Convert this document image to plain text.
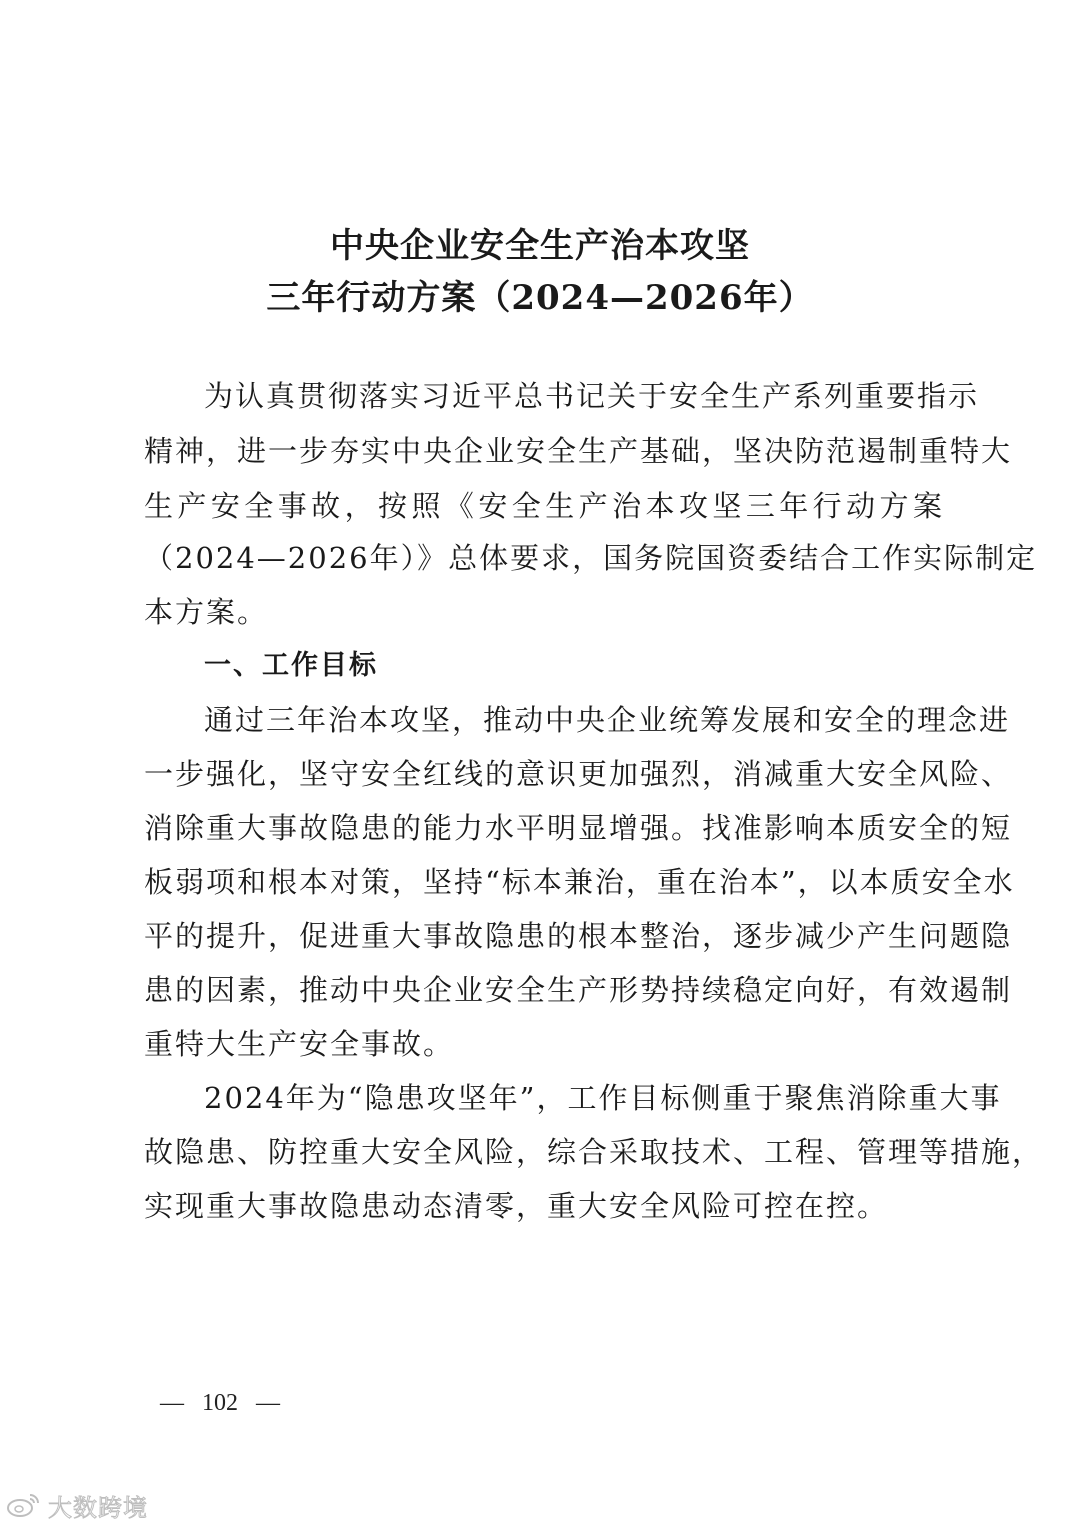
中央企业安全生产治本攻坚
三年行动方案（2024—2026年）
为认真贯彻落实习近平总书记关于安全生产系列重要指示
精神，进一步夯实中央企业安全生产基础，坚决防范遏制重特大
生产安全事故，按照《安全生产治本攻坚三年行动方案
（2024—2026年）》总体要求，国务院国资委结合工作实际制定
本方案。
一、工作目标
通过三年治本攻坚，推动中央企业统筹发展和安全的理念进
一步强化，坚守安全红线的意识更加强烈，消减重大安全风险、
消除重大事故隐患的能力水平明显增强。找准影响本质安全的短
板弱项和根本对策，坚持“标本兼治，重在治本”，以本质安全水
平的提升，促进重大事故隐患的根本整治，逐步减少产生问题隐
患的因素，推动中央企业安全生产形势持续稳定向好，有效遏制
重特大生产安全事故。
2024年为“隐患攻坚年”，工作目标侧重于聚焦消除重大事
故隐患、防控重大安全风险，综合采取技术、工程、管理等措施，
实现重大事故隐患动态清零，重大安全风险可控在控。
—   102   —
大数跨境
